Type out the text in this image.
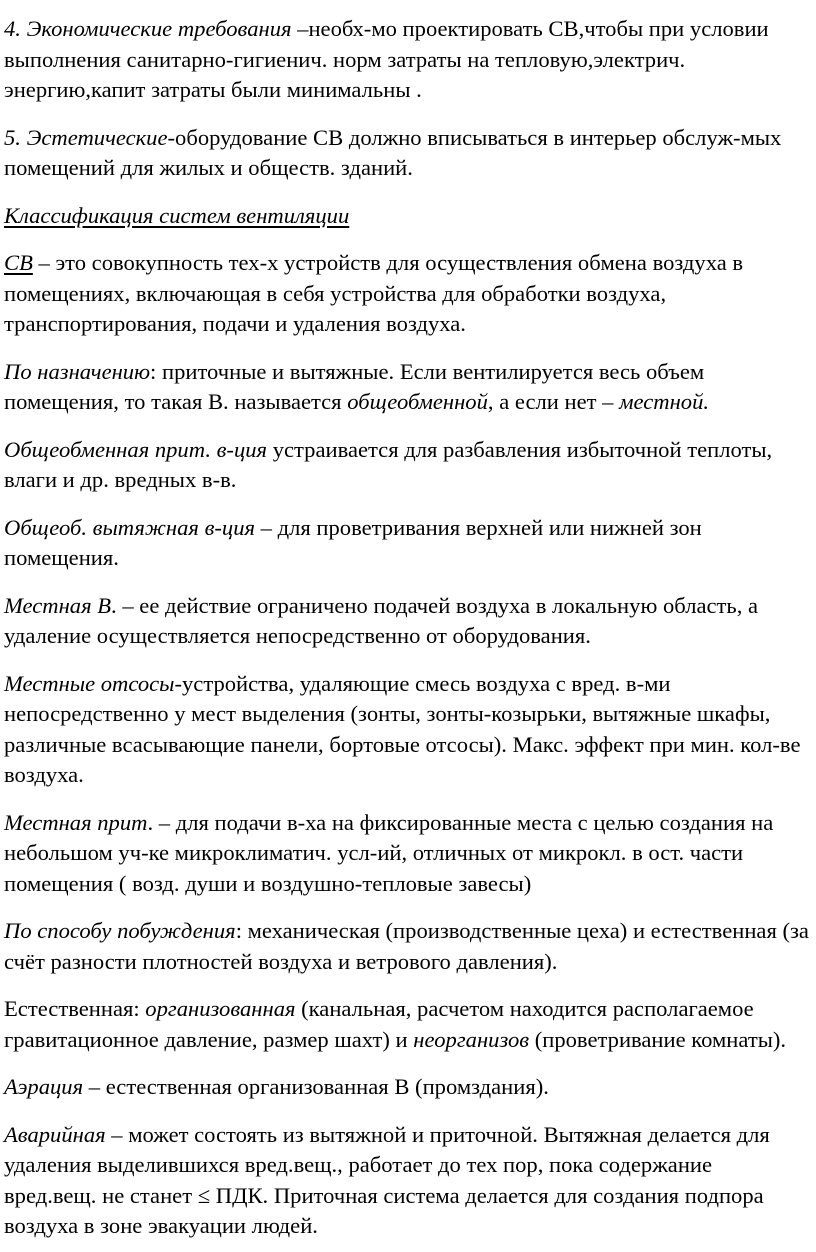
4. Экономические требования –необх-мо проектировать СВ,чтобы при условии выполнения санитарно-гигиенич. норм затраты на тепловую,электрич. энергию,капит затраты были минимальны .

5. Эстетические-оборудование СВ должно вписываться в интерьер обслуж-мых помещений для жилых и обществ. зданий.

Классификация систем вентиляции

СВ – это совокупность тех-х устройств для осуществления обмена воздуха в помещениях, включающая в себя устройства для обработки воздуха, транспортирования, подачи и удаления воздуха.

По назначению: приточные и вытяжные. Если вентилируется весь объем помещения, то такая В. называется общеобменной, а если нет – местной.

Общеобменная прит. в-ция устраивается для разбавления избыточной теплоты, влаги и др. вредных в-в.

Общеоб. вытяжная в-ция – для проветривания верхней или нижней зон помещения.

Местная В. – ее действие ограничено подачей воздуха в локальную область, а удаление осуществляется непосредственно от оборудования.

Местные отсосы-устройства, удаляющие смесь воздуха с вред. в-ми непосредственно у мест выделения (зонты, зонты-козырьки, вытяжные шкафы, различные всасывающие панели, бортовые отсосы). Макс. эффект при мин. кол-ве воздуха.

Местная прит. – для подачи в-ха на фиксированные места с целью создания на небольшом уч-ке микроклиматич. усл-ий, отличных от микрокл. в ост. части помещения ( возд. души и воздушно-тепловые завесы)

По способу побуждения: механическая (производственные цеха) и естественная (за счёт разности плотностей воздуха и ветрового давления).

Естественная: организованная (канальная, расчетом находится располагаемое гравитационное давление, размер шахт) и неорганизов (проветривание комнаты).

Аэрация – естественная организованная В (промздания).

Аварийная – может состоять из вытяжной и приточной. Вытяжная делается для удаления выделившихся вред.вещ., работает до тех пор, пока содержание вред.вещ. не станет ≤ ПДК. Приточная система делается для создания подпора воздуха в зоне эвакуации людей.
